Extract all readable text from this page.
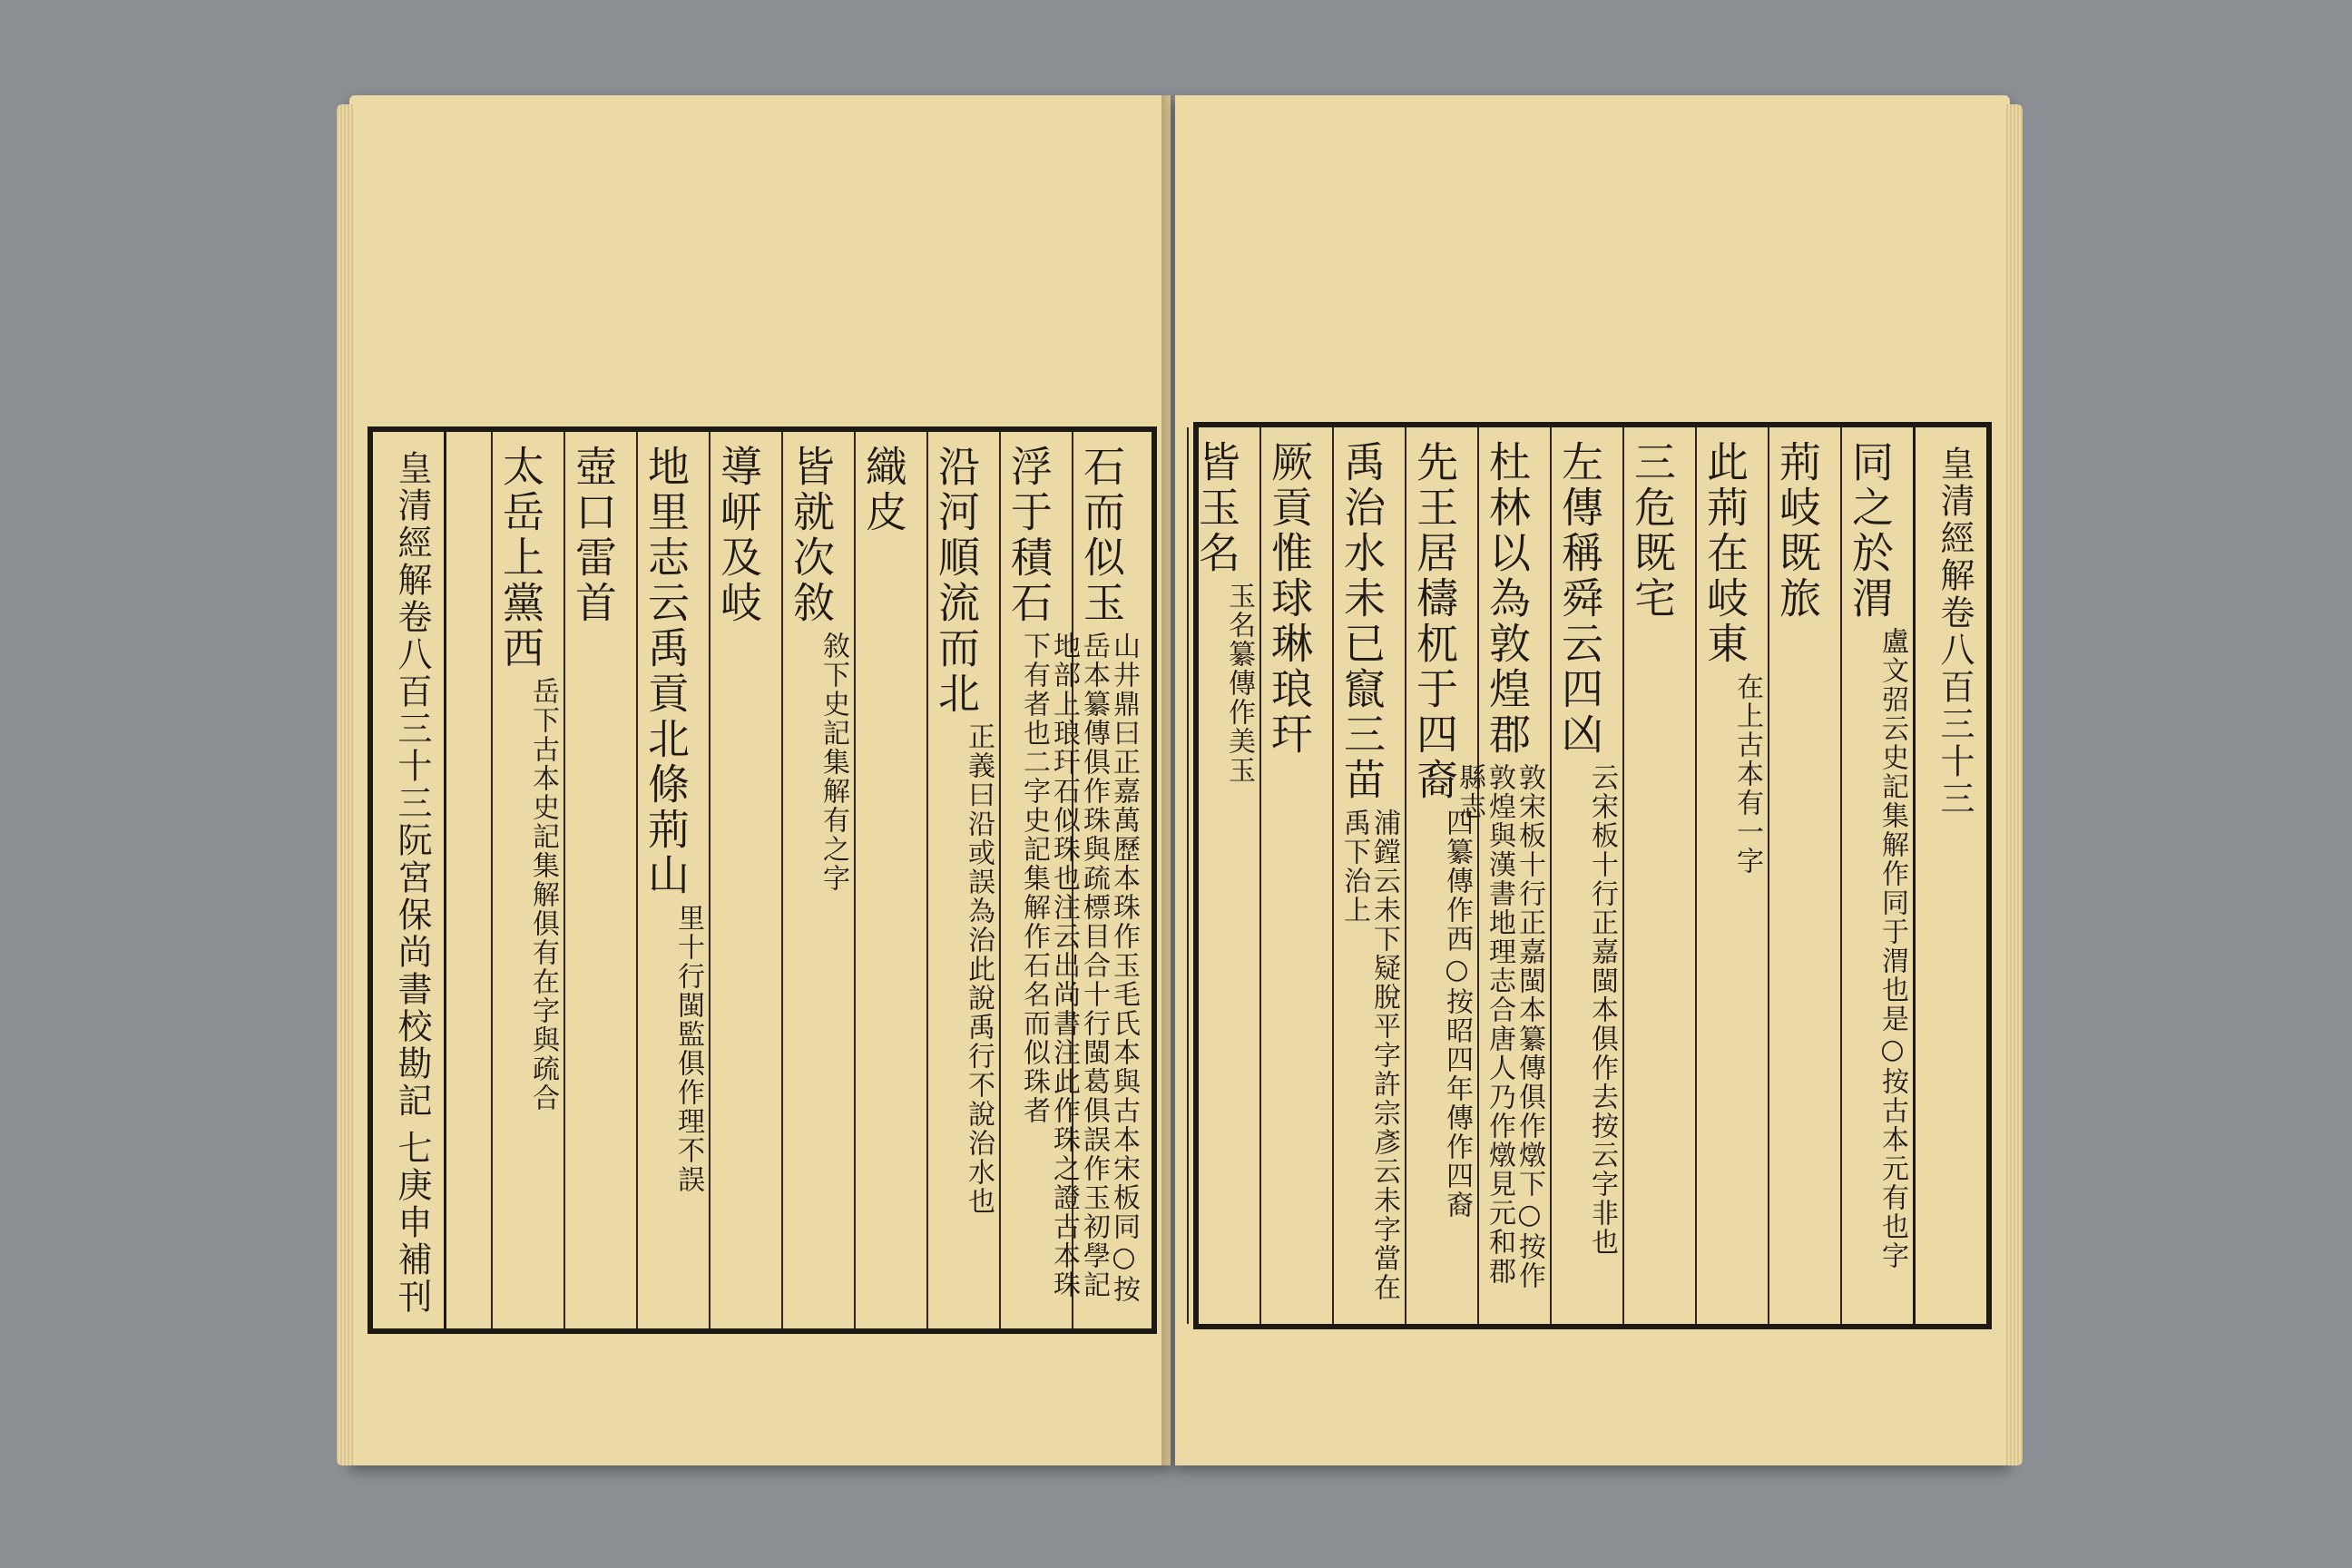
皇清經解卷八百三十三阮宮保尚書校勘記
七庚申補刊
石而似玉
山井鼎曰正嘉萬歷本珠作玉毛氏本與古本宋板同○按岳本纂傳俱作珠與疏標目合十行閩葛俱誤作玉初學記地部上琅玕石似珠也注云出尚書注此作珠之證古本珠下有者也二字史記集解作石名而似珠者
浮于積石
沿河順流而北
正義曰沿或誤為治此說禹行不說治水也
織皮
皆就次敘
敘下史記集解有之字
導岍及岐
地里志云禹貢北條荊山
里十行閩監俱作理不誤
壺口雷首
太岳上黨西
岳下古本史記集解俱有在字與疏合
皇清經解卷八百三十三
同之於渭
盧文弨云史記集解作同于渭也是○按古本元有也字
荊岐既旅
此荊在岐東
在上古本有一字
三危既宅
左傳稱舜云四凶
云宋板十行正嘉閩本俱作去按云字非也
杜林以為敦煌郡
敦宋板十行正嘉閩本纂傳俱作燉下○按作敦煌與漢書地理志合唐人乃作燉見元和郡縣志
先王居檮杌于四裔
四纂傳作西○按昭四年傳作四裔
禹治水未已竄三苗
浦鏜云未下疑脫平字許宗彥云未字當在禹下治上
厥貢惟球琳琅玕
皆玉名
玉名纂傳作美玉
